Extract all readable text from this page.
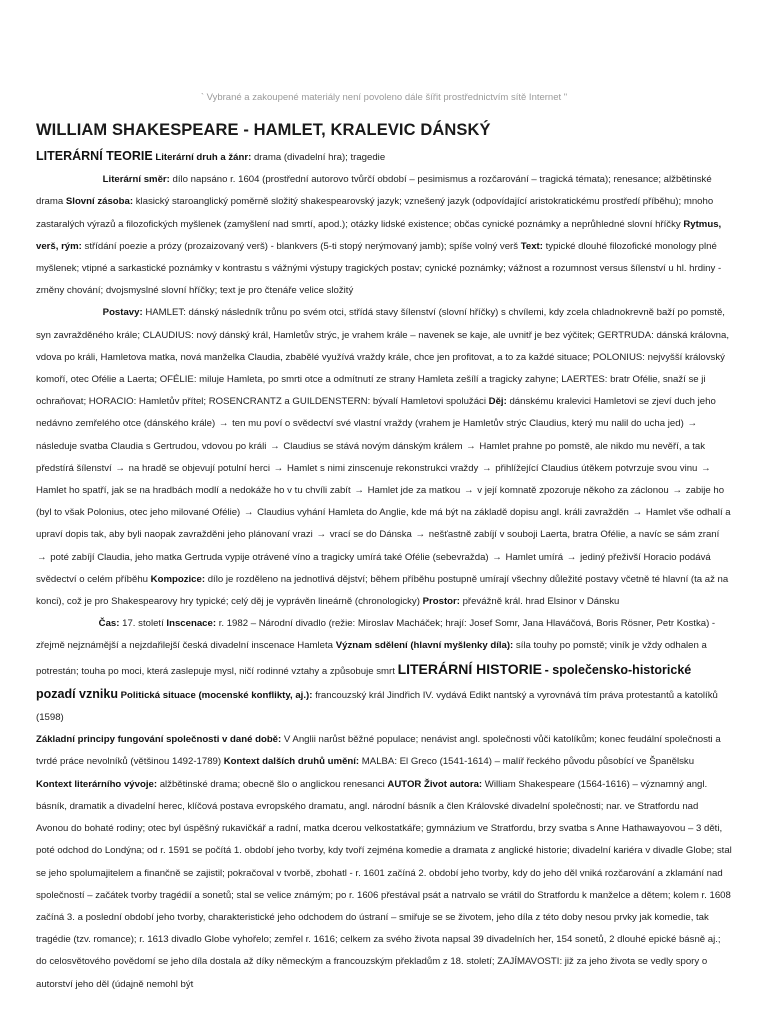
` Vybrané a zakoupené materiály není povoleno dále šířit prostřednictvím sítě Internet "
WILLIAM SHAKESPEARE - HAMLET, KRALEVIC DÁNSKÝ

LITERÁRNÍ TEORIE Literární druh a žánr: drama (divadelní hra); tragedie
Literární směr: dílo napsáno r. 1604 (prostřední autorovo tvůrčí období – pesimismus a rozčarování – tragická témata); renesance; alžbětinské drama Slovní zásoba: klasický staroanglický poměrně složitý shakespearovský jazyk; vznešený jazyk (odpovídající aristokratickému prostředí příběhu); mnoho zastaralých výrazů a filozofických myšlenek (zamyšlení nad smrtí, apod.); otázky lidské existence; občas cynické poznámky a neprůhledné slovní hříčky Rytmus, verš, rým: střídání poezie a prózy (prozaizovaný verš) - blankvers (5-ti stopý nerýmovaný jamb); spíše volný verš Text: typické dlouhé filozofické monology plné myšlenek; vtipné a sarkastické poznámky v kontrastu s vážnými výstupy tragických postav; cynické poznámky; vážnost a rozumnost versus šílenství u hl. hrdiny - změny chování; dvojsmyslné slovní hříčky; text je pro čtenáře velice složitý
Postavy: HAMLET: dánský následník trůnu po svém otci, střídá stavy šílenství (slovní hříčky) s chvílemi, kdy zcela chladnokrevně baží po pomstě, syn zavražděného krále; CLAUDIUS: nový dánský král, Hamletův strýc, je vrahem krále – navenek se kaje, ale uvnitř je bez výčitek; GERTRUDA: dánská královna, vdova po králi, Hamletova matka, nová manželka Claudia, zbabělé využívá vraždy krále, chce jen profitovat, a to za každé situace; POLONIUS: nejvyšší královský komoří, otec Ofélie a Laerta; OFÉLIE: miluje Hamleta, po smrti otce a odmítnutí ze strany Hamleta zešílí a tragicky zahyne; LAERTES: bratr Ofélie, snaží se ji ochraňovat; HORACIO: Hamletův přítel; ROSENCRANTZ a GUILDENSTERN: bývalí Hamletovi spolužáci Děj: dánskému kralevici Hamletovi se zjeví duch jeho nedávno zemřelého otce (dánského krále) → ten mu poví o svědectví své vlastní vraždy (vrahem je Hamletův strýc Claudius, který mu nalil do ucha jed) → následuje svatba Claudia s Gertrudou, vdovou po králi → Claudius se stává novým dánským králem → Hamlet prahne po pomstě, ale nikdo mu nevěří, a tak předstírá šílenství → na hradě se objevují potulní herci → Hamlet s nimi zinscenuje rekonstrukci vraždy → přihlížející Claudius útěkem potvrzuje svou vinu → Hamlet ho spatří, jak se na hradbách modlí a nedokáže ho v tu chvíli zabít → Hamlet jde za matkou → v její komnatě zpozoruje někoho za záclonou → zabije ho (byl to však Polonius, otec jeho milované Ofélie) → Claudius vyhání Hamleta do Anglie, kde má být na základě dopisu angl. králi zavražděn → Hamlet vše odhalí a upraví dopis tak, aby byli naopak zavražděni jeho plánovaní vrazi → vrací se do Dánska → nešťastně zabíjí v souboji Laerta, bratra Ofélie, a navíc se sám zraní → poté zabíjí Claudia, jeho matka Gertruda vypije otrávené víno a tragicky umírá také Ofélie (sebevražda) → Hamlet umírá → jediný přeživší Horacio podává svědectví o celém příběhu Kompozice: dílo je rozděleno na jednotlivá dějství; během příběhu postupně umírají všechny důležité postavy včetně té hlavní (ta až na konci), což je pro Shakespearovy hry typické; celý děj je vyprávěn lineárně (chronologicky) Prostor: převážně král. hrad Elsinor v Dánsku
Čas: 17. století Inscenace: r. 1982 – Národní divadlo (režie: Miroslav Macháček; hrají: Josef Somr, Jana Hlaváčová, Boris Rösner, Petr Kostka) - zřejmě nejznámější a nejzdařilejší česká divadelní inscenace Hamleta Význam sdělení (hlavní myšlenky díla): síla touhy po pomstě; viník je vždy odhalen a potrestán; touha po moci, která zaslepuje mysl, ničí rodinné vztahy a způsobuje smrt LITERÁRNÍ HISTORIE - společensko-historické pozadí vzniku Politická situace (mocenské konflikty, aj.): francouzský král Jindřich IV. vydává Edikt nantský a vyrovnává tím práva protestantů a katolíků (1598)
Základní principy fungování společnosti v dané době: V Anglii narůst běžné populace; nenávist angl. společnosti vůči katolíkům; konec feudální společnosti a tvrdé práce nevolníků (většinou 1492-1789) Kontext dalších druhů umění: MALBA: El Greco (1541-1614) – malíř řeckého původu působící ve Španělsku Kontext literárního vývoje: alžbětinské drama; obecně šlo o anglickou renesanci AUTOR Život autora: William Shakespeare (1564-1616) – významný angl. básník, dramatik a divadelní herec, klíčová postava evropského dramatu, angl. národní básník a člen Královské divadelní společnosti; nar. ve Stratfordu nad Avonou do bohaté rodiny; otec byl úspěšný rukavičkář a radní, matka dcerou velkostatkáře; gymnázium ve Stratfordu, brzy svatba s Anne Hathawayovou – 3 děti, poté odchod do Londýna; od r. 1591 se počítá 1. období jeho tvorby, kdy tvoří zejména komedie a dramata z anglické historie; divadelní kariéra v divadle Globe; stal se jeho spolumajitelem a finančně se zajistil; pokračoval v tvorbě, zbohatl - r. 1601 začíná 2. období jeho tvorby, kdy do jeho děl vniká rozčarování a zklamání nad společností – začátek tvorby tragédií a sonetů; stal se velice známým; po r. 1606 přestával psát a natrvalo se vrátil do Stratfordu k manželce a dětem; kolem r. 1608 začíná 3. a poslední období jeho tvorby, charakteristické jeho odchodem do ústraní – smiřuje se se životem, jeho díla z této doby nesou prvky jak komedie, tak tragédie (tzv. romance); r. 1613 divadlo Globe vyhořelo; zemřel r. 1616; celkem za svého života napsal 39 divadelních her, 154 sonetů, 2 dlouhé epické básně aj.; do celosvětového povědomí se jeho díla dostala až díky německým a francouzským překladům z 18. století; ZAJÍMAVOSTI: již za jeho života se vedly spory o autorství jeho děl (údajně nemohl být
